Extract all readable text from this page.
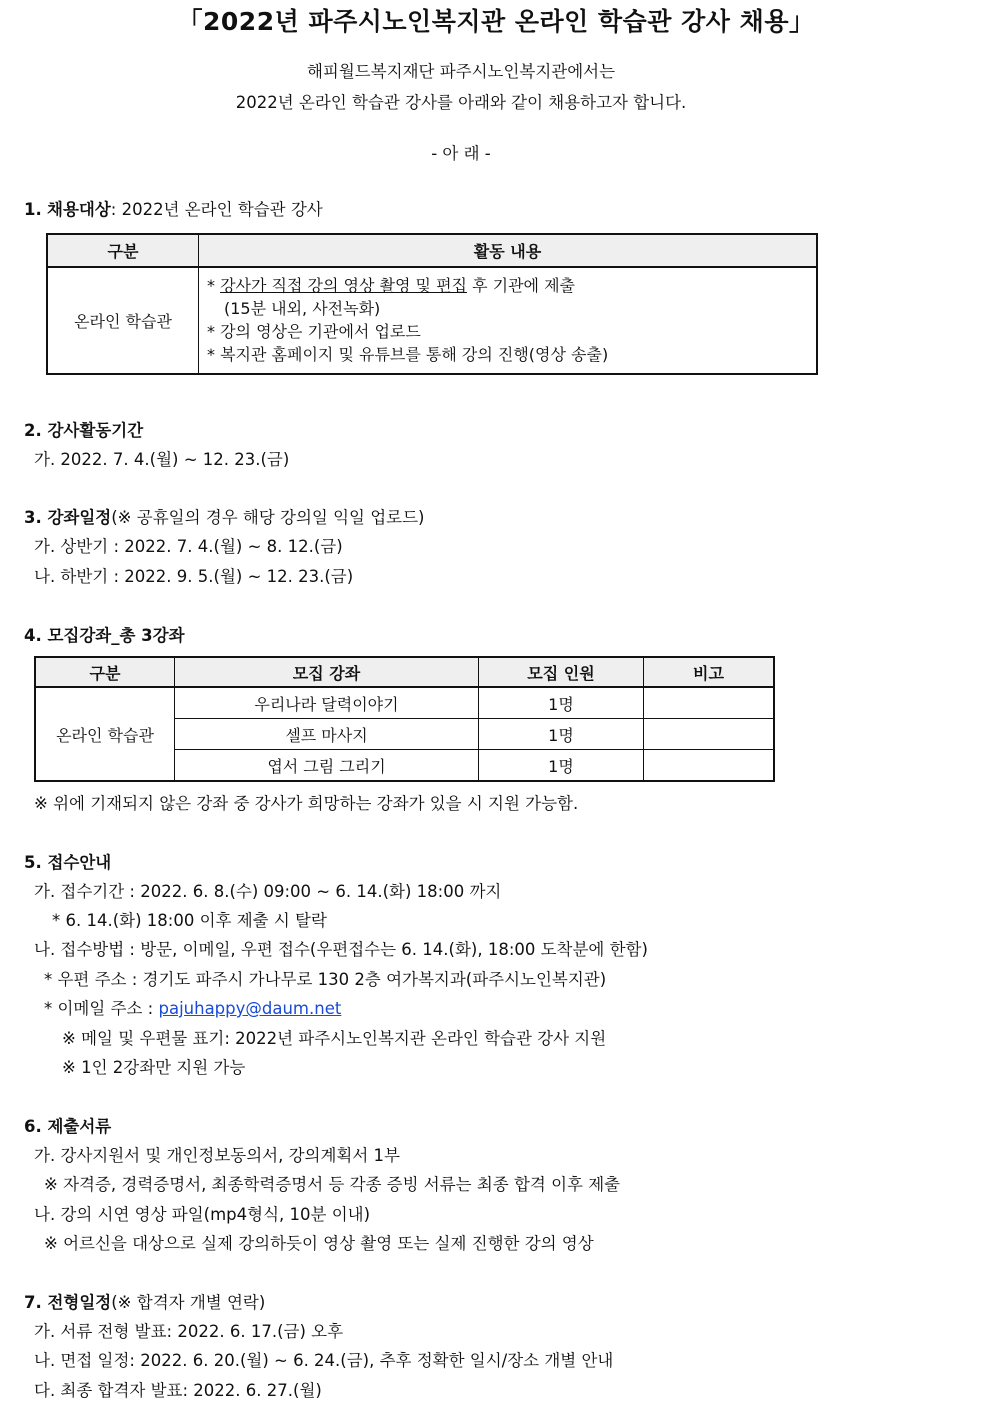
「2022년 파주시노인복지관 온라인 학습관 강사 채용」
해피월드복지재단 파주시노인복지관에서는
2022년 온라인 학습관 강사를 아래와 같이 채용하고자 합니다.
- 아 래 -
1. 채용대상: 2022년 온라인 학습관 강사
구분	활동 내용
온라인 학습관	* 강사가 직접 강의 영상 촬영 및 편집 후 기관에 제출
(15분 내외, 사전녹화)
* 강의 영상은 기관에서 업로드
* 복지관 홈페이지 및 유튜브를 통해 강의 진행(영상 송출)
2. 강사활동기간
가. 2022. 7. 4.(월) ~ 12. 23.(금)
3. 강좌일정(※ 공휴일의 경우 해당 강의일 익일 업로드)
가. 상반기 : 2022. 7. 4.(월) ~ 8. 12.(금)
나. 하반기 : 2022. 9. 5.(월) ~ 12. 23.(금)
4. 모집강좌_총 3강좌
구분	모집 강좌	모집 인원	비고
온라인 학습관	우리나라 달력이야기	1명	
	셀프 마사지	1명	
	엽서 그림 그리기	1명	
※ 위에 기재되지 않은 강좌 중 강사가 희망하는 강좌가 있을 시 지원 가능함.
5. 접수안내
가. 접수기간 : 2022. 6. 8.(수) 09:00 ~ 6. 14.(화) 18:00 까지
* 6. 14.(화) 18:00 이후 제출 시 탈락
나. 접수방법 : 방문, 이메일, 우편 접수(우편접수는 6. 14.(화), 18:00 도착분에 한함)
* 우편 주소 : 경기도 파주시 가나무로 130 2층 여가복지과(파주시노인복지관)
* 이메일 주소 : pajuhappy@daum.net
※ 메일 및 우편물 표기: 2022년 파주시노인복지관 온라인 학습관 강사 지원
※ 1인 2강좌만 지원 가능
6. 제출서류
가. 강사지원서 및 개인정보동의서, 강의계획서 1부
※ 자격증, 경력증명서, 최종학력증명서 등 각종 증빙 서류는 최종 합격 이후 제출
나. 강의 시연 영상 파일(mp4형식, 10분 이내)
※ 어르신을 대상으로 실제 강의하듯이 영상 촬영 또는 실제 진행한 강의 영상
7. 전형일정(※ 합격자 개별 연락)
가. 서류 전형 발표: 2022. 6. 17.(금) 오후
나. 면접 일정: 2022. 6. 20.(월) ~ 6. 24.(금), 추후 정확한 일시/장소 개별 안내
다. 최종 합격자 발표: 2022. 6. 27.(월)
